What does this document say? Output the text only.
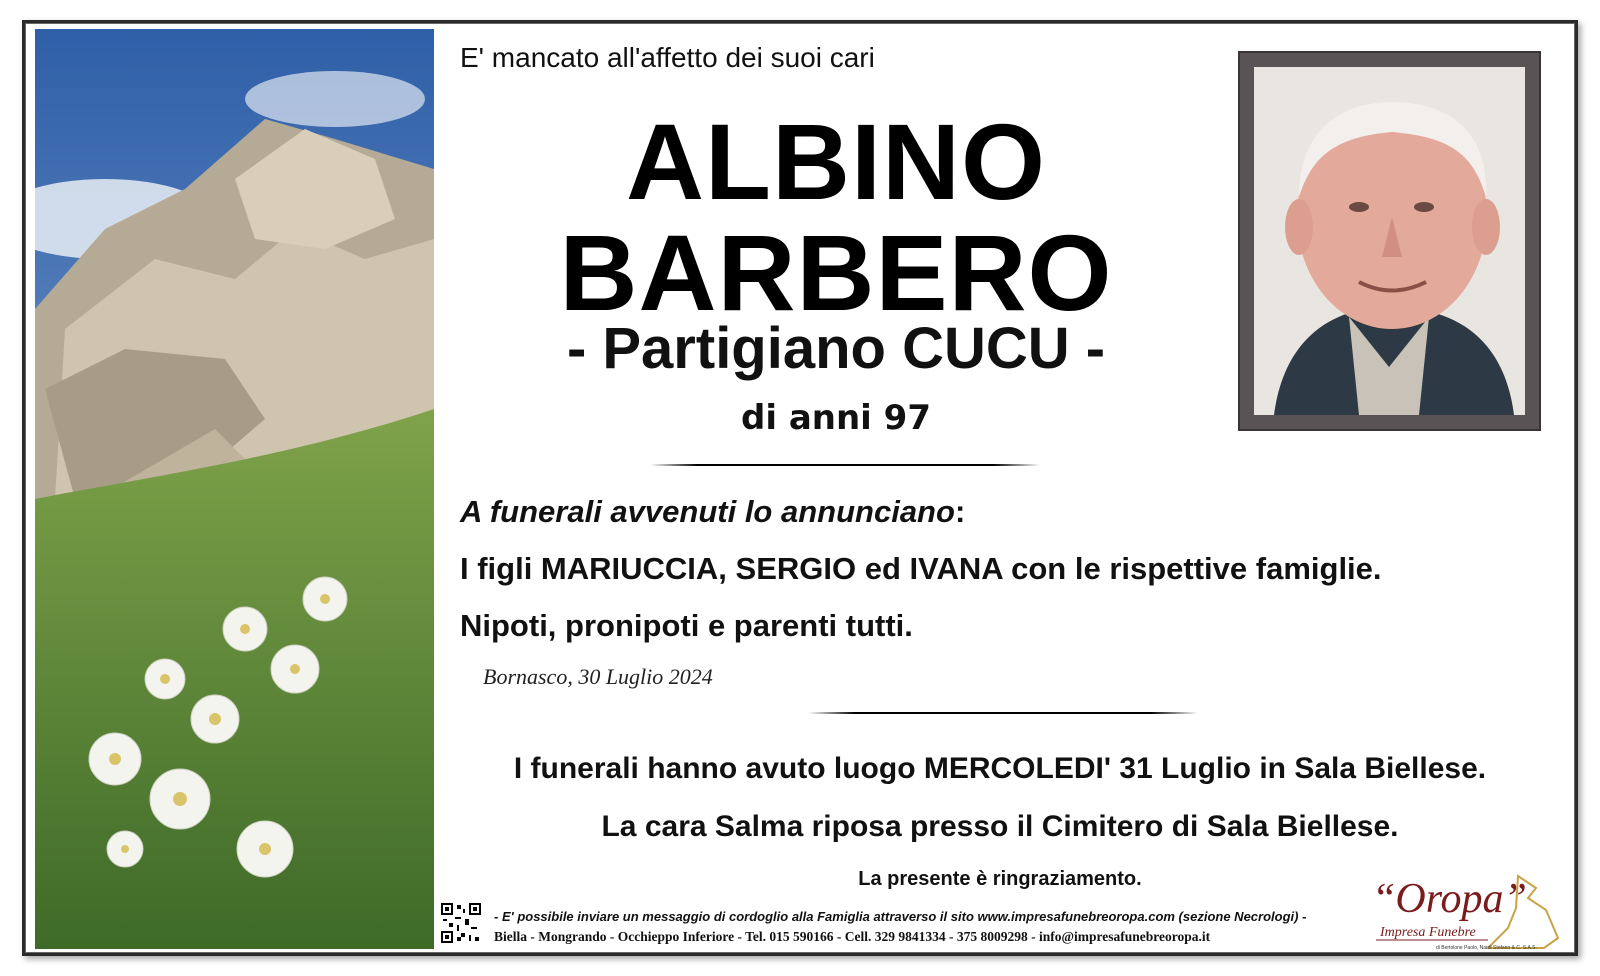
E' mancato all'affetto dei suoi cari
ALBINO
BARBERO
- Partigiano CUCU -
di anni 97
A funerali avvenuti lo annunciano:
I figli MARIUCCIA, SERGIO ed IVANA con le rispettive famiglie.
Nipoti, pronipoti e parenti tutti.
Bornasco, 30 Luglio 2024
I funerali hanno avuto luogo MERCOLEDI' 31 Luglio in Sala Biellese.
La cara Salma riposa presso il Cimitero di Sala Biellese.
La presente è ringraziamento.
- E' possibile inviare un messaggio di cordoglio alla Famiglia attraverso il sito www.impresafunebreoropa.com (sezione Necrologi) -
Biella - Mongrando - Occhieppo Inferiore - Tel. 015 590166 - Cell. 329 9841334 - 375 8009298 - info@impresafunebreoropa.it
“Oropa”
Impresa Funebre
di Bertolone Paolo, Nardi Stefano & C. S.A.S.
